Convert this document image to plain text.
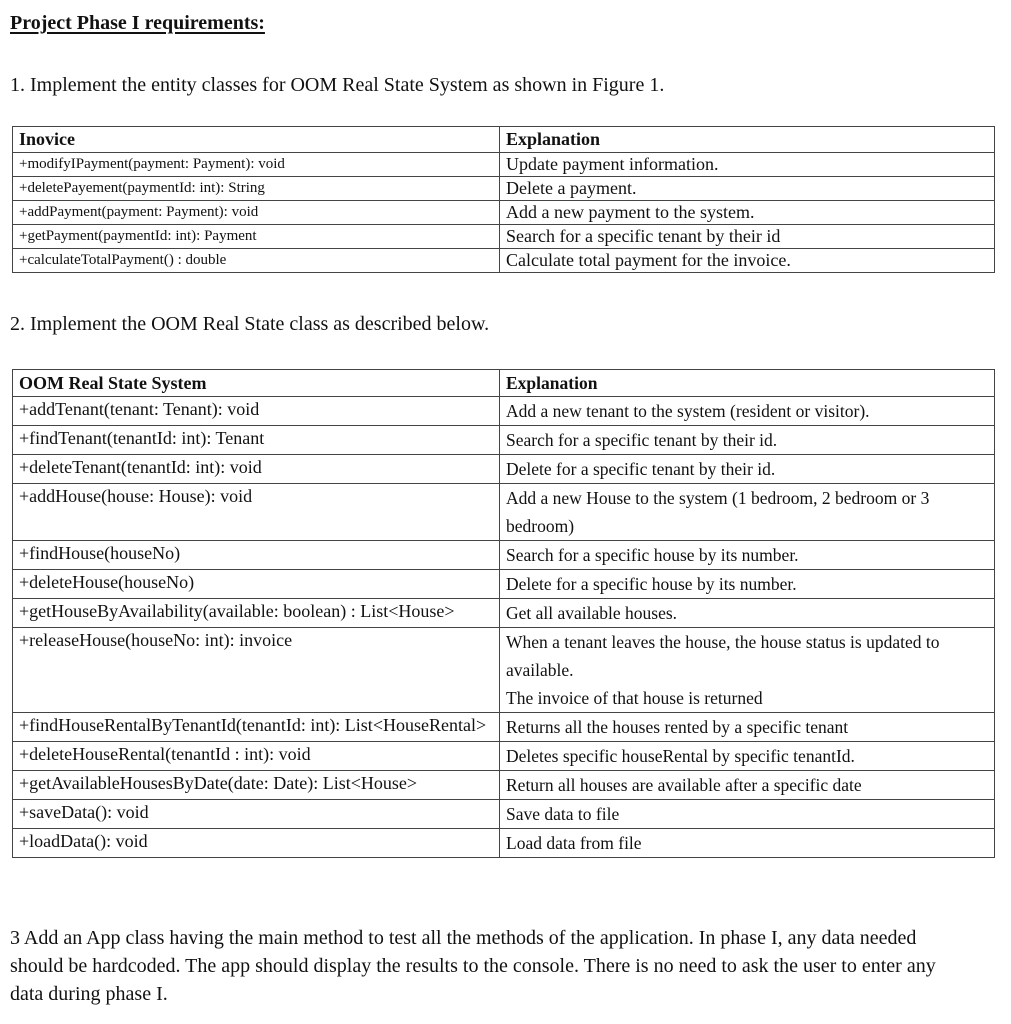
Project Phase I requirements:
1. Implement the entity classes for OOM Real State System as shown in Figure 1.
Inovice	Explanation
+modifyIPayment(payment: Payment): void	Update payment information.
+deletePayement(paymentId: int): String	Delete a payment.
+addPayment(payment: Payment): void	Add a new payment to the system.
+getPayment(paymentId: int): Payment	Search for a specific tenant by their id
+calculateTotalPayment() : double	Calculate total payment for the invoice.
2. Implement the OOM Real State class as described below.
OOM Real State System	Explanation
+addTenant(tenant: Tenant): void	Add a new tenant to the system (resident or visitor).
+findTenant(tenantId: int): Tenant	Search for a specific tenant by their id.
+deleteTenant(tenantId: int): void	Delete for a specific tenant by their id.
+addHouse(house: House): void	Add a new House to the system (1 bedroom, 2 bedroom or 3 bedroom)
+findHouse(houseNo)	Search for a specific house by its number.
+deleteHouse(houseNo)	Delete for a specific house by its number.
+getHouseByAvailability(available: boolean) : List<House>	Get all available houses.
+releaseHouse(houseNo: int): invoice	When a tenant leaves the house, the house status is updated to available.
The invoice of that house is returned

+findHouseRentalByTenantId(tenantId: int): List<HouseRental>	Returns all the houses rented by a specific tenant
+deleteHouseRental(tenantId : int): void	Deletes specific houseRental by specific tenantId.
+getAvailableHousesByDate(date: Date): List<House>	Return all houses are available after a specific date
+saveData(): void	Save data to file
+loadData(): void	Load data from file
3 Add an App class having the main method to test all the methods of the application. In phase I, any data needed should be hardcoded. The app should display the results to the console. There is no need to ask the user to enter any data during phase I.
